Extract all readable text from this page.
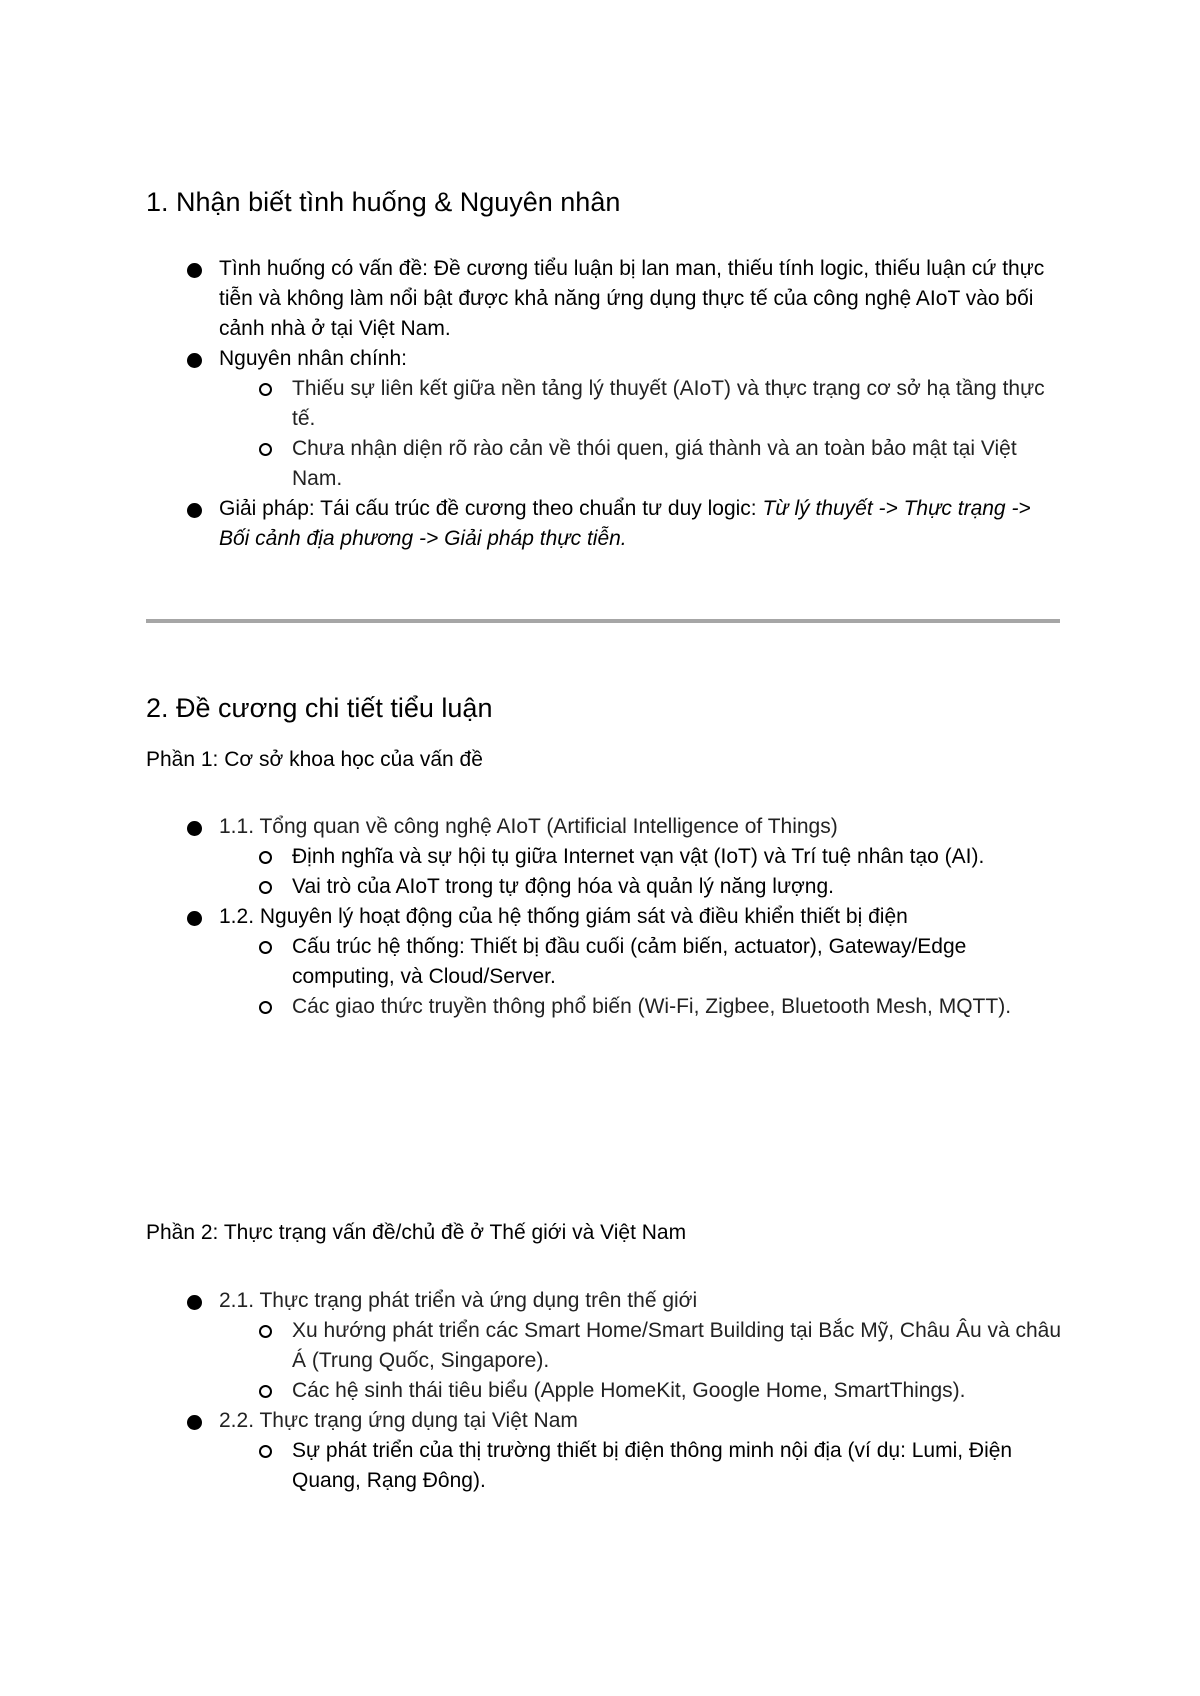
1. Nhận biết tình huống & Nguyên nhân
Tình huống có vấn đề: Đề cương tiểu luận bị lan man, thiếu tính logic, thiếu luận cứ thực tiễn và không làm nổi bật được khả năng ứng dụng thực tế của công nghệ AIoT vào bối cảnh nhà ở tại Việt Nam.
Nguyên nhân chính:
Thiếu sự liên kết giữa nền tảng lý thuyết (AIoT) và thực trạng cơ sở hạ tầng thực tế.
Chưa nhận diện rõ rào cản về thói quen, giá thành và an toàn bảo mật tại Việt Nam.
Giải pháp: Tái cấu trúc đề cương theo chuẩn tư duy logic: Từ lý thuyết -> Thực trạng -> Bối cảnh địa phương -> Giải pháp thực tiễn.
2. Đề cương chi tiết tiểu luận
Phần 1: Cơ sở khoa học của vấn đề
1.1. Tổng quan về công nghệ AIoT (Artificial Intelligence of Things)
Định nghĩa và sự hội tụ giữa Internet vạn vật (IoT) và Trí tuệ nhân tạo (AI).
Vai trò của AIoT trong tự động hóa và quản lý năng lượng.
1.2. Nguyên lý hoạt động của hệ thống giám sát và điều khiển thiết bị điện
Cấu trúc hệ thống: Thiết bị đầu cuối (cảm biến, actuator), Gateway/Edge computing, và Cloud/Server.
Các giao thức truyền thông phổ biến (Wi-Fi, Zigbee, Bluetooth Mesh, MQTT).
Phần 2: Thực trạng vấn đề/chủ đề ở Thế giới và Việt Nam
2.1. Thực trạng phát triển và ứng dụng trên thế giới
Xu hướng phát triển các Smart Home/Smart Building tại Bắc Mỹ, Châu Âu và châu Á (Trung Quốc, Singapore).
Các hệ sinh thái tiêu biểu (Apple HomeKit, Google Home, SmartThings).
2.2. Thực trạng ứng dụng tại Việt Nam
Sự phát triển của thị trường thiết bị điện thông minh nội địa (ví dụ: Lumi, Điện Quang, Rạng Đông).
